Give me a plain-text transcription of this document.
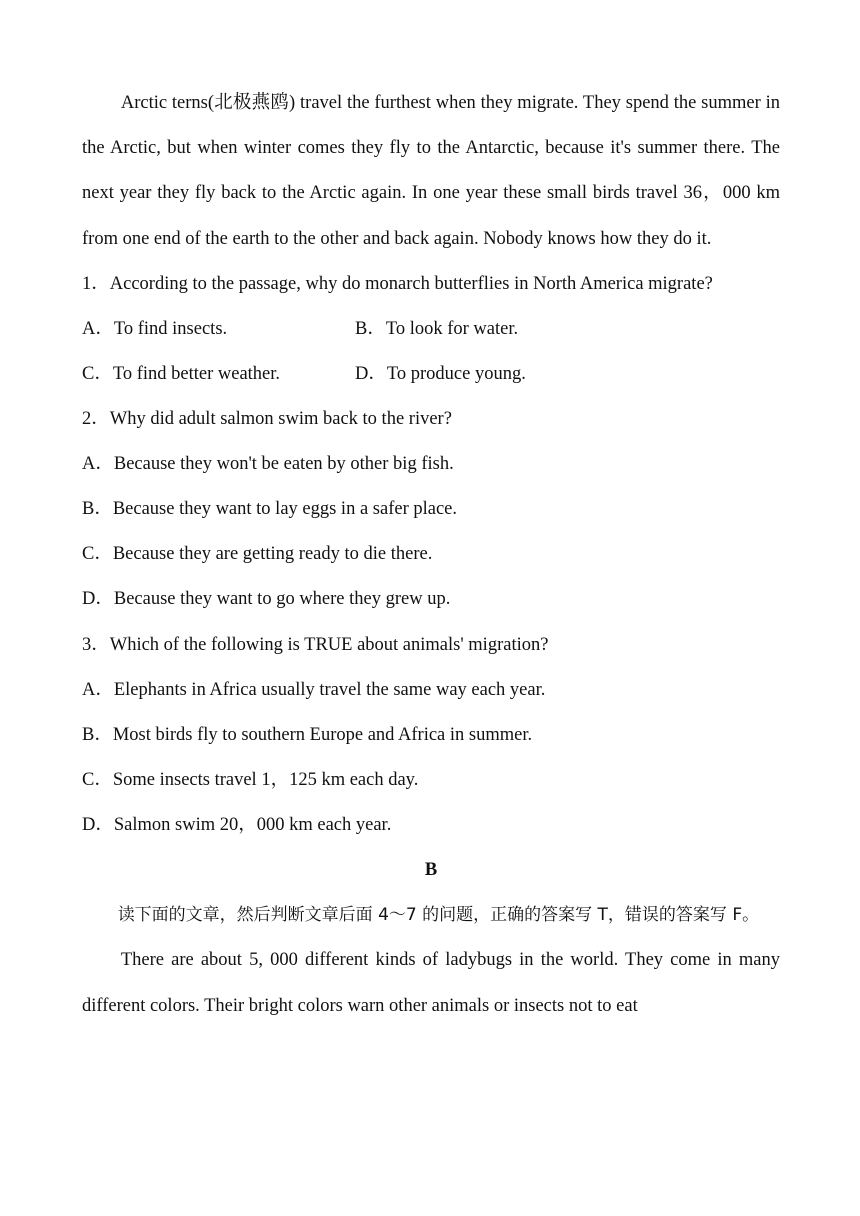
Arctic terns(北极燕鸥) travel the furthest when they migrate. They spend the summer in the Arctic, but when winter comes they fly to the Antarctic, because it's summer there. The next year they fly back to the Arctic again. In one year these small birds travel 36，000 km from one end of the earth to the other and back again. Nobody knows how they do it.

1．According to the passage, why do monarch butterflies in North America migrate?
A．To find insects.	B．To look for water.
C．To find better weather.	D．To produce young.
2．Why did adult salmon swim back to the river?
A．Because they won't be eaten by other big fish.
B．Because they want to lay eggs in a safer place.
C．Because they are getting ready to die there.
D．Because they want to go where they grew up.
3．Which of the following is TRUE about animals' migration?
A．Elephants in Africa usually travel the same way each year.
B．Most birds fly to southern Europe and Africa in summer.
C．Some insects travel 1，125 km each day.
D．Salmon swim 20，000 km each year.
B

读下面的文章，然后判断文章后面 4～7 的问题，正确的答案写 T，错误的答案写 F。

There are about 5, 000 different kinds of ladybugs in the world. They come in many different colors. Their bright colors warn other animals or insects not to eat
